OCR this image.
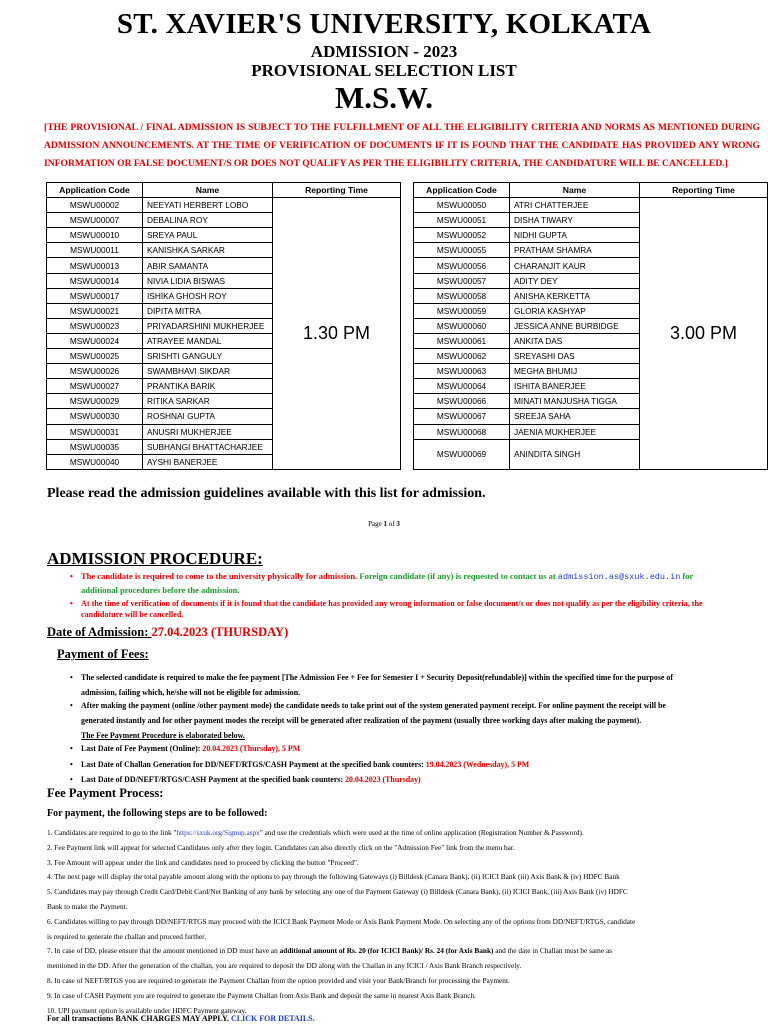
ST. XAVIER'S UNIVERSITY, KOLKATA
ADMISSION - 2023
PROVISIONAL SELECTION LIST
M.S.W.
[THE PROVISIONAL / FINAL ADMISSION IS SUBJECT TO THE FULFILLMENT OF ALL THE ELIGIBILITY CRITERIA AND NORMS AS MENTIONED DURING ADMISSION ANNOUNCEMENTS. AT THE TIME OF VERIFICATION OF DOCUMENTS IF IT IS FOUND THAT THE CANDIDATE HAS PROVIDED ANY WRONG INFORMATION OR FALSE DOCUMENT/S OR DOES NOT QUALIFY AS PER THE ELIGIBILITY CRITERIA, THE CANDIDATURE WILL BE CANCELLED.]
Application Code	Name	Reporting Time		Application Code	Name	Reporting Time
MSWU00002	NEEYATI HERBERT LOBO	1.30 PM		MSWU00050	ATRI CHATTERJEE	3.00 PM
MSWU00007	DEBALINA ROY			MSWU00051	DISHA TIWARY	
MSWU00010	SREYA PAUL			MSWU00052	NIDHI GUPTA	
MSWU00011	KANISHKA SARKAR			MSWU00055	PRATHAM SHAMRA	
MSWU00013	ABIR SAMANTA			MSWU00056	CHARANJIT KAUR	
MSWU00014	NIVIA LIDIA BISWAS			MSWU00057	ADITY DEY	
MSWU00017	ISHIKA GHOSH ROY			MSWU00058	ANISHA KERKETTA	
MSWU00021	DIPITA MITRA			MSWU00059	GLORIA KASHYAP	
MSWU00023	PRIYADARSHINI MUKHERJEE			MSWU00060	JESSICA ANNE BURBIDGE	
MSWU00024	ATRAYEE MANDAL			MSWU00061	ANKITA DAS	
MSWU00025	SRISHTI GANGULY			MSWU00062	SREYASHI DAS	
MSWU00026	SWAMBHAVI SIKDAR			MSWU00063	MEGHA BHUMIJ	
MSWU00027	PRANTIKA BARIK			MSWU00064	ISHITA BANERJEE	
MSWU00029	RITIKA SARKAR			MSWU00066	MINATI MANJUSHA TIGGA	
MSWU00030	ROSHNAI GUPTA			MSWU00067	SREEJA SAHA	
MSWU00031	ANUSRI MUKHERJEE			MSWU00068	JAENIA MUKHERJEE	
MSWU00035	SUBHANGI BHATTACHARJEE			MSWU00069	ANINDITA SINGH	
MSWU00040	AYSHI BANERJEE					
Please read the admission guidelines available with this list for admission.
Page 1 of 3
ADMISSION PROCEDURE:
• The candidate is required to come to the university physically for admission. Foreign candidate (if any) is requested to contact us at admission.as@sxuk.edu.in for
additional procedures before the admission.
• At the time of verification of documents if it is found that the candidate has provided any wrong information or false document/s or does not qualify as per the eligibility criteria, the
candidature will be cancelled.
Date of Admission: 27.04.2023 (THURSDAY)
Payment of Fees:
• The selected candidate is required to make the fee payment [The Admission Fee + Fee for Semester I + Security Deposit(refundable)] within the specified time for the purpose of
admission, failing which, he/she will not be eligible for admission.
• After making the payment (online /other payment mode) the candidate needs to take print out of the system generated payment receipt. For online payment the receipt will be
generated instantly and for other payment modes the receipt will be generated after realization of the payment (usually three working days after making the payment).
The Fee Payment Procedure is elaborated below.
• Last Date of Fee Payment (Online): 20.04.2023 (Thursday), 5 PM
• Last Date of Challan Generation for DD/NEFT/RTGS/CASH Payment at the specified bank counters: 19.04.2023 (Wednesday), 5 PM
• Last Date of DD/NEFT/RTGS/CASH Payment at the specified bank counters: 20.04.2023 (Thursday)
Fee Payment Process:
For payment, the following steps are to be followed:
1. Candidates are required to go to the link "https://sxuk.org/Signup.aspx" and use the credentials which were used at the time of online application (Registration Number & Password).
2. Fee Payment link will appear for selected Candidates only after they login. Candidates can also directly click on the "Admission Fee" link from the menu bar.
3. Fee Amount will appear under the link and candidates need to proceed by clicking the button "Proceed".
4. The next page will display the total payable amount along with the options to pay through the following Gateways (i) Billdesk (Canara Bank), (ii) ICICI Bank (iii) Axis Bank & (iv) HDFC Bank
5. Candidates may pay through Credit Card/Debit Card/Net Banking of any bank by selecting any one of the Payment Gateway (i) Billdesk (Canara Bank), (ii) ICICI Bank, (iii) Axis Bank (iv) HDFC
Bank to make the Payment.
6. Candidates willing to pay through DD/NEFT/RTGS may proceed with the ICICI Bank Payment Mode or Axis Bank Payment Mode. On selecting any of the options from DD/NEFT/RTGS, candidate
is required to generate the challan and proceed further.
7. In case of DD, please ensure that the amount mentioned in DD must have an additional amount of Rs. 20 (for ICICI Bank)/ Rs. 24 (for Axis Bank) and the date in Challan must be same as
mentioned in the DD. After the generation of the challan, you are required to deposit the DD along with the Challan in any ICICI / Axis Bank Branch respectively.
8. In case of NEFT/RTGS you are required to generate the Payment Challan from the option provided and visit your Bank/Branch for processing the Payment.
9. In case of CASH Payment you are required to generate the Payment Challan from Axis Bank and deposit the same in nearest Axis Bank Branch.
10. UPI payment option is available under HDFC Payment gateway.
For all transactions BANK CHARGES MAY APPLY. CLICK FOR DETAILS.
